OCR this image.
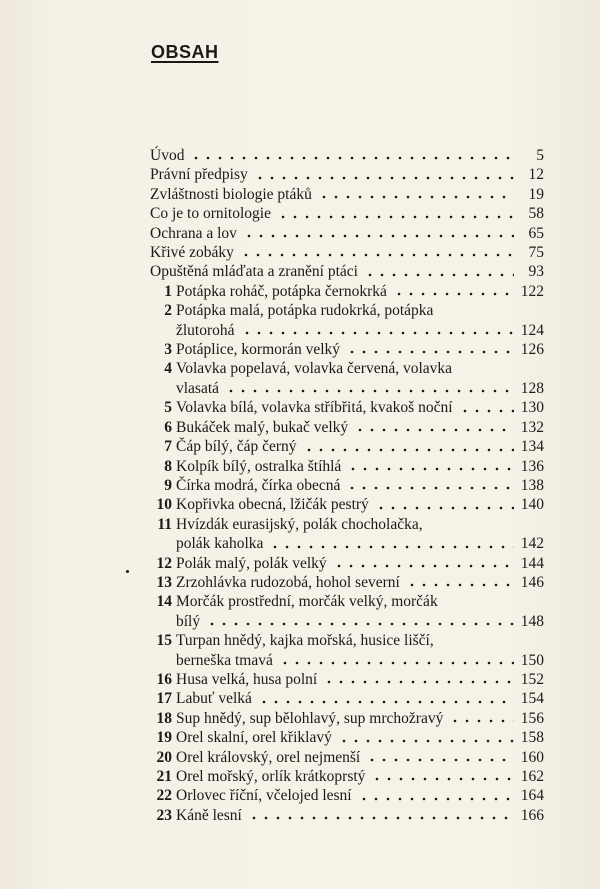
OBSAH
Úvod	5
Právní předpisy	12
Zvláštnosti biologie ptáků	19
Co je to ornitologie	58
Ochrana a lov	65
Křivé zobáky	75
Opuštěná mláďata a zranění ptáci	93
1 Potápka roháč, potápka černokrká	122
2 Potápka malá, potápka rudokrká, potápka
žlutorohá	124
3 Potáplice, kormorán velký	126
4 Volavka popelavá, volavka červená, volavka
vlasatá	128
5 Volavka bílá, volavka stříbřitá, kvakoš noční	130
6 Bukáček malý, bukač velký	132
7 Čáp bílý, čáp černý	134
8 Kolpík bílý, ostralka štíhlá	136
9 Čírka modrá, čírka obecná	138
10 Kopřivka obecná, lžičák pestrý	140
11 Hvízdák eurasijský, polák chocholačka,
polák kaholka	142
12 Polák malý, polák velký	144
13 Zrzohlávka rudozobá, hohol severní	146
14 Morčák prostřední, morčák velký, morčák
bílý	148
15 Turpan hnědý, kajka mořská, husice liščí,
berneška tmavá	150
16 Husa velká, husa polní	152
17 Labuť velká	154
18 Sup hnědý, sup bělohlavý, sup mrchožravý	156
19 Orel skalní, orel křiklavý	158
20 Orel královský, orel nejmenší	160
21 Orel mořský, orlík krátkoprstý	162
22 Orlovec říční, včelojed lesní	164
23 Káně lesní	166
